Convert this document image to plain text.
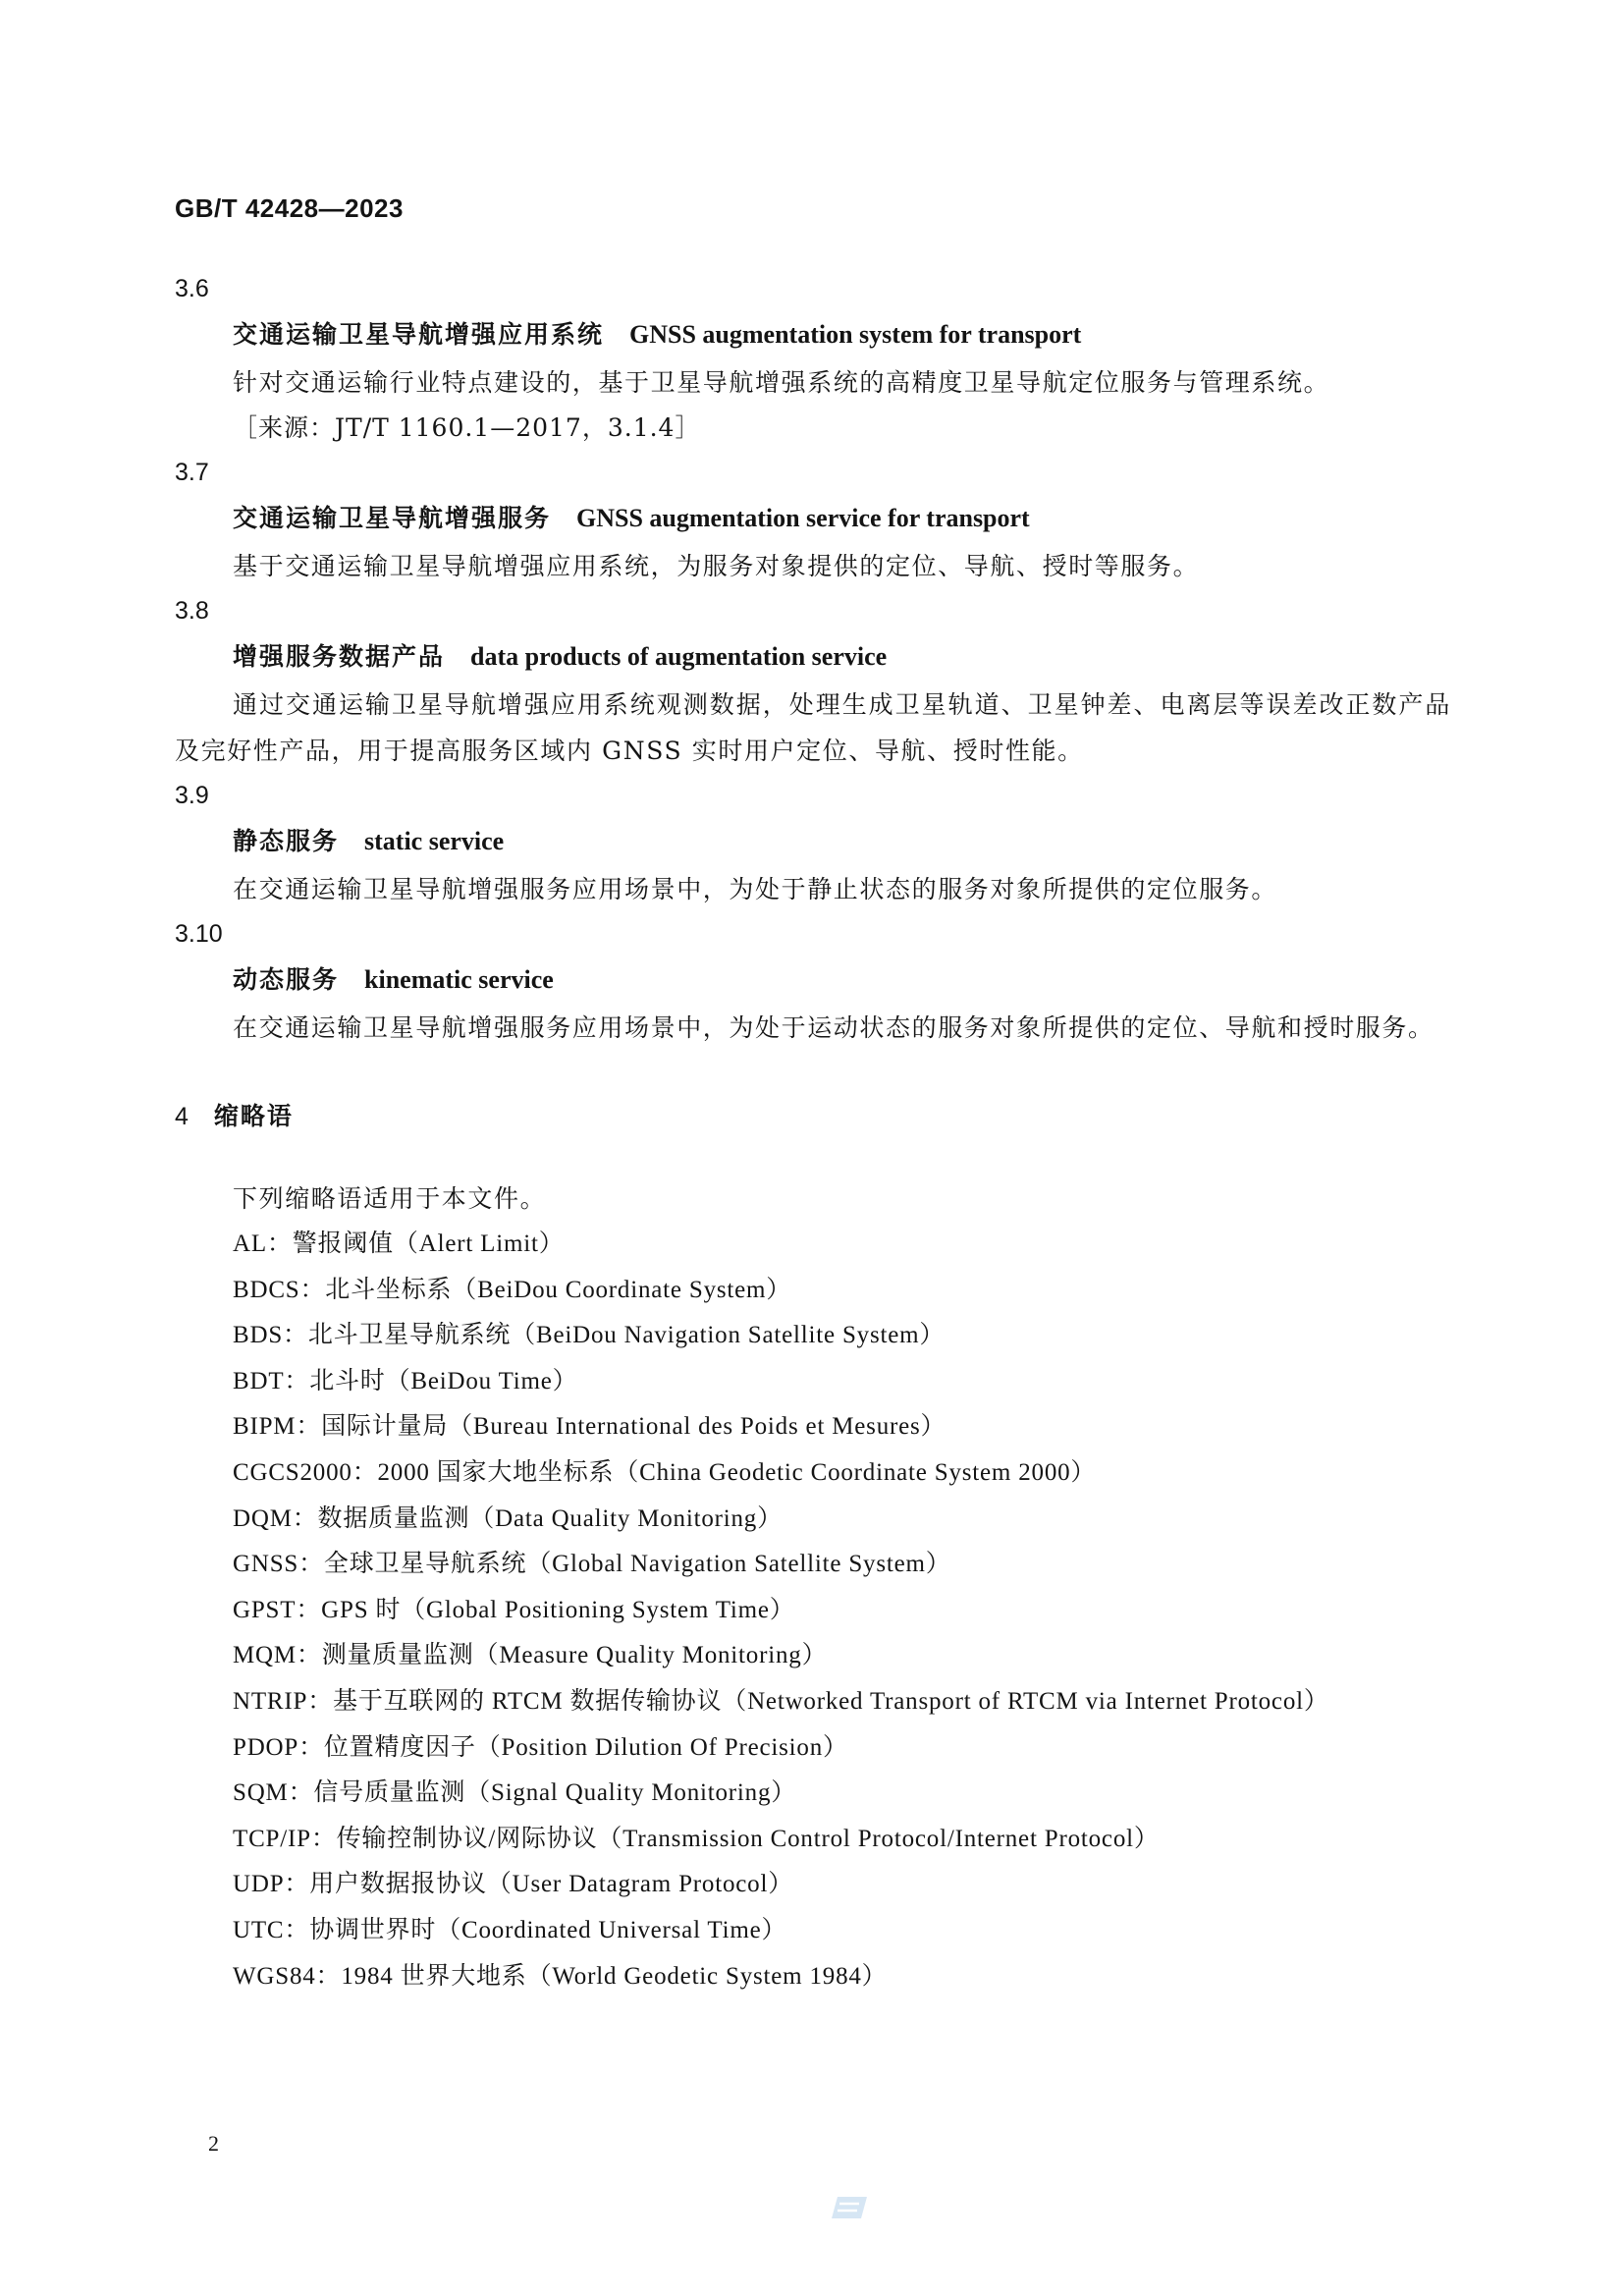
GB/T 42428—2023
3.6
交通运输卫星导航增强应用系统 GNSS augmentation system for transport
针对交通运输行业特点建设的，基于卫星导航增强系统的高精度卫星导航定位服务与管理系统。
［来源：JT/T 1160.1—2017，3.1.4］
3.7
交通运输卫星导航增强服务 GNSS augmentation service for transport
基于交通运输卫星导航增强应用系统，为服务对象提供的定位、导航、授时等服务。
3.8
增强服务数据产品 data products of augmentation service
通过交通运输卫星导航增强应用系统观测数据，处理生成卫星轨道、卫星钟差、电离层等误差改正数产品及完好性产品，用于提高服务区域内 GNSS 实时用户定位、导航、授时性能。
3.9
静态服务 static service
在交通运输卫星导航增强服务应用场景中，为处于静止状态的服务对象所提供的定位服务。
3.10
动态服务 kinematic service
在交通运输卫星导航增强服务应用场景中，为处于运动状态的服务对象所提供的定位、导航和授时服务。
4 缩略语
下列缩略语适用于本文件。
AL：警报阈值（Alert Limit）
BDCS：北斗坐标系（BeiDou Coordinate System）
BDS：北斗卫星导航系统（BeiDou Navigation Satellite System）
BDT：北斗时（BeiDou Time）
BIPM：国际计量局（Bureau International des Poids et Mesures）
CGCS2000：2000 国家大地坐标系（China Geodetic Coordinate System 2000）
DQM：数据质量监测（Data Quality Monitoring）
GNSS：全球卫星导航系统（Global Navigation Satellite System）
GPST：GPS 时（Global Positioning System Time）
MQM：测量质量监测（Measure Quality Monitoring）
NTRIP：基于互联网的 RTCM 数据传输协议（Networked Transport of RTCM via Internet Protocol）
PDOP：位置精度因子（Position Dilution Of Precision）
SQM：信号质量监测（Signal Quality Monitoring）
TCP/IP：传输控制协议/网际协议（Transmission Control Protocol/Internet Protocol）
UDP：用户数据报协议（User Datagram Protocol）
UTC：协调世界时（Coordinated Universal Time）
WGS84：1984 世界大地系（World Geodetic System 1984）
2
